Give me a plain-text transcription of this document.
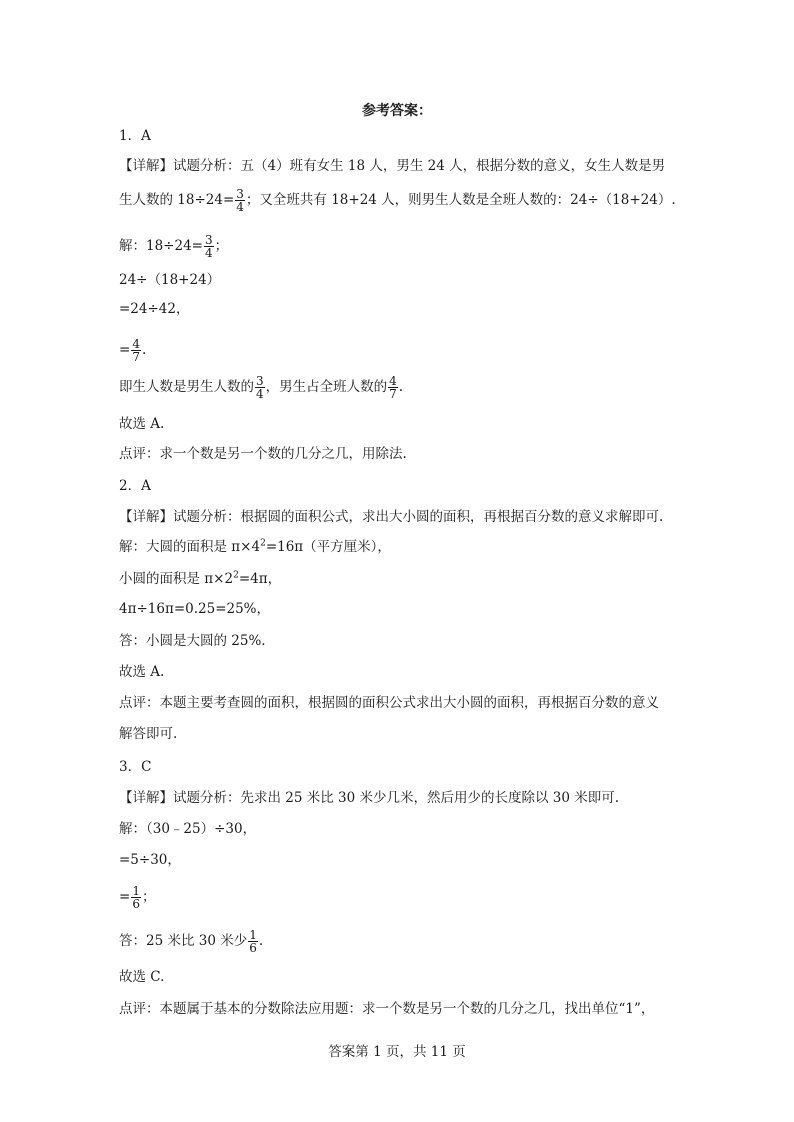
参考答案：
1．A
【详解】试题分析：五（4）班有女生 18 人，男生 24 人，根据分数的意义，女生人数是男
生人数的 $18\div 24= \frac{3}{4}$ ；又全班共有 18+24 人，则男生人数是全班人数的：24÷（18+24）.
解：$18\div 24= \frac{3}{4}$ ；
24÷（18+24）
=24÷42，
= $\frac{4}{7}$ .
即生人数是男生人数的 $\frac{3}{4}$ ，男生占全班人数的 $\frac{4}{7}$ .
故选 A.
点评：求一个数是另一个数的几分之几，用除法.
2．A
【详解】试题分析：根据圆的面积公式，求出大小圆的面积，再根据百分数的意义求解即可.
解：大圆的面积是 $\pi\times 4^2=16\pi$（平方厘米），
小圆的面积是 $\pi\times 2^2=4\pi$，
4π÷16π=0.25=25%，
答：小圆是大圆的 25%.
故选 A.
点评：本题主要考查圆的面积，根据圆的面积公式求出大小圆的面积，再根据百分数的意义
解答即可.
3．C
【详解】试题分析：先求出 25 米比 30 米少几米，然后用少的长度除以 30 米即可.
解：（30﹣25）÷30，
=5÷30，
= $\frac{1}{6}$ ；
答：25 米比 30 米少 $\frac{1}{6}$ .
故选 C.
点评：本题属于基本的分数除法应用题：求一个数是另一个数的几分之几，找出单位“1”，
答案第 1 页，共 11 页
